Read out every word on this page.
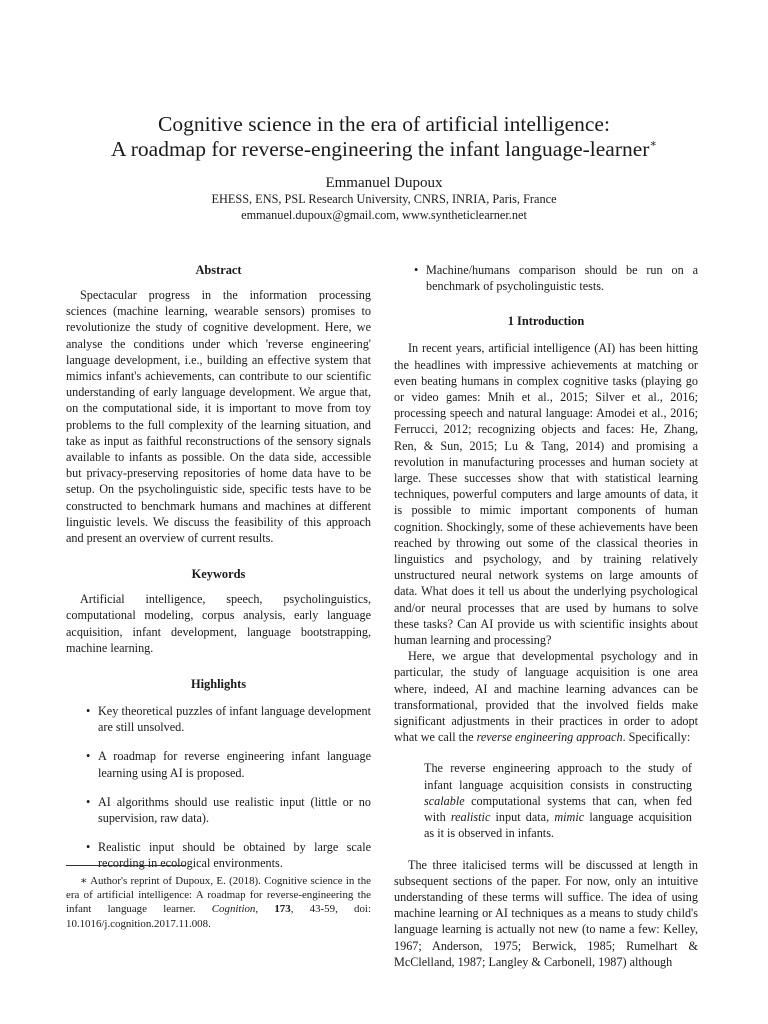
Cognitive science in the era of artificial intelligence:
A roadmap for reverse-engineering the infant language-learner∗
Emmanuel Dupoux
EHESS, ENS, PSL Research University, CNRS, INRIA, Paris, France
emmanuel.dupoux@gmail.com, www.syntheticlearner.net
Abstract

Spectacular progress in the information processing sciences (machine learning, wearable sensors) promises to revolutionize the study of cognitive development. Here, we analyse the conditions under which 'reverse engineering' language development, i.e., building an effective system that mimics infant's achievements, can contribute to our scientific understanding of early language development. We argue that, on the computational side, it is important to move from toy problems to the full complexity of the learning situation, and take as input as faithful reconstructions of the sensory signals available to infants as possible. On the data side, accessible but privacy-preserving repositories of home data have to be setup. On the psycholinguistic side, specific tests have to be constructed to benchmark humans and machines at different linguistic levels. We discuss the feasibility of this approach and present an overview of current results.

Keywords

Artificial intelligence, speech, psycholinguistics, computational modeling, corpus analysis, early language acquisition, infant development, language bootstrapping, machine learning.

Highlights
• Key theoretical puzzles of infant language development are still unsolved.

• A roadmap for reverse engineering infant language learning using AI is proposed.

• AI algorithms should use realistic input (little or no supervision, raw data).

• Realistic input should be obtained by large scale recording in ecological environments.

∗ Author's reprint of Dupoux, E. (2018). Cognitive science in the era of artificial intelligence: A roadmap for reverse-engineering the infant language learner. Cognition, 173, 43-59, doi: 10.1016/j.cognition.2017.11.008.

• Machine/humans comparison should be run on a benchmark of psycholinguistic tests.

1 Introduction

In recent years, artificial intelligence (AI) has been hitting the headlines with impressive achievements at matching or even beating humans in complex cognitive tasks (playing go or video games: Mnih et al., 2015; Silver et al., 2016; processing speech and natural language: Amodei et al., 2016; Ferrucci, 2012; recognizing objects and faces: He, Zhang, Ren, & Sun, 2015; Lu & Tang, 2014) and promising a revolution in manufacturing processes and human society at large. These successes show that with statistical learning techniques, powerful computers and large amounts of data, it is possible to mimic important components of human cognition. Shockingly, some of these achievements have been reached by throwing out some of the classical theories in linguistics and psychology, and by training relatively unstructured neural network systems on large amounts of data. What does it tell us about the underlying psychological and/or neural processes that are used by humans to solve these tasks? Can AI provide us with scientific insights about human learning and processing?

Here, we argue that developmental psychology and in particular, the study of language acquisition is one area where, indeed, AI and machine learning advances can be transformational, provided that the involved fields make significant adjustments in their practices in order to adopt what we call the reverse engineering approach. Specifically:

The reverse engineering approach to the study of infant language acquisition consists in constructing scalable computational systems that can, when fed with realistic input data, mimic language acquisition as it is observed in infants.

The three italicised terms will be discussed at length in subsequent sections of the paper. For now, only an intuitive understanding of these terms will suffice. The idea of using machine learning or AI techniques as a means to study child's language learning is actually not new (to name a few: Kelley, 1967; Anderson, 1975; Berwick, 1985; Rumelhart & McClelland, 1987; Langley & Carbonell, 1987) although
